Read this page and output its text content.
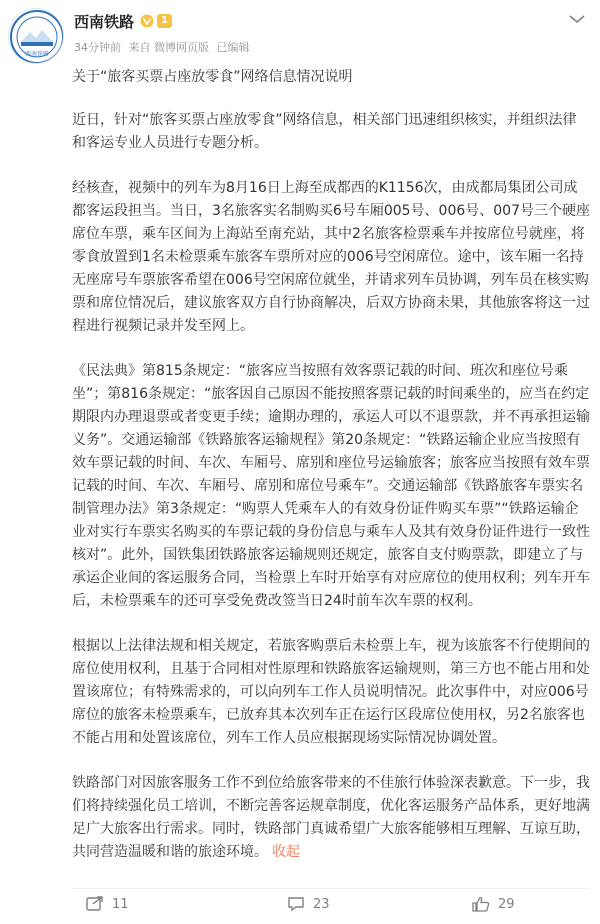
西南铁路
西南铁路	1
34分钟前 来自 微博网页版 已编辑

关于“旅客买票占座放零食”网络信息情况说明

近日，针对“旅客买票占座放零食”网络信息，相关部门迅速组织核实，并组织法律和客运专业人员进行专题分析。

经核查，视频中的列车为8月16日上海至成都西的K1156次，由成都局集团公司成都客运段担当。当日，3名旅客实名制购买6号车厢005号、006号、007号三个硬座席位车票，乘车区间为上海站至南充站，其中2名旅客检票乘车并按席位号就座，将零食放置到1名未检票乘车旅客车票所对应的006号空闲席位。途中，该车厢一名持无座席号车票旅客希望在006号空闲席位就坐，并请求列车员协调，列车员在核实购票和席位情况后，建议旅客双方自行协商解决，后双方协商未果，其他旅客将这一过程进行视频记录并发至网上。

《民法典》第815条规定：“旅客应当按照有效客票记载的时间、班次和座位号乘坐”；第816条规定：“旅客因自己原因不能按照客票记载的时间乘坐的，应当在约定期限内办理退票或者变更手续；逾期办理的，承运人可以不退票款，并不再承担运输义务”。交通运输部《铁路旅客运输规程》第20条规定：“铁路运输企业应当按照有效车票记载的时间、车次、车厢号、席别和座位号运输旅客；旅客应当按照有效车票记载的时间、车次、车厢号、席别和席位号乘车”。交通运输部《铁路旅客车票实名制管理办法》第3条规定：“购票人凭乘车人的有效身份证件购买车票”“铁路运输企业对实行车票实名购买的车票记载的身份信息与乘车人及其有效身份证件进行一致性核对”。此外，国铁集团铁路旅客运输规则还规定，旅客自支付购票款，即建立了与承运企业间的客运服务合同，当检票上车时开始享有对应席位的使用权利；列车开车后，未检票乘车的还可享受免费改签当日24时前车次车票的权利。

根据以上法律法规和相关规定，若旅客购票后未检票上车，视为该旅客不行使期间的席位使用权利，且基于合同相对性原理和铁路旅客运输规则，第三方也不能占用和处置该席位；有特殊需求的，可以向列车工作人员说明情况。此次事件中，对应006号席位的旅客未检票乘车，已放弃其本次列车正在运行区段席位使用权，另2名旅客也不能占用和处置该席位，列车工作人员应根据现场实际情况协调处置。

铁路部门对因旅客服务工作不到位给旅客带来的不佳旅行体验深表歉意。下一步，我们将持续强化员工培训，不断完善客运规章制度，优化客运服务产品体系，更好地满足广大旅客出行需求。同时，铁路部门真诚希望广大旅客能够相互理解、互谅互助，共同营造温暖和谐的旅途环境。 收起

11	23	29
